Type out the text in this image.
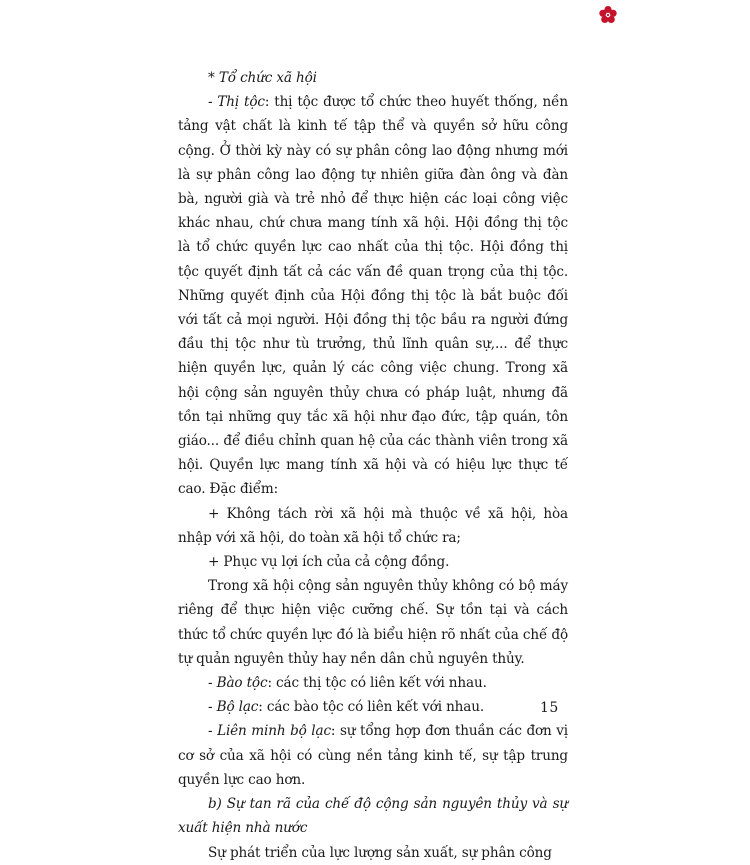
* Tổ chức xã hội

- Thị tộc: thị tộc được tổ chức theo huyết thống, nền tảng vật chất là kinh tế tập thể và quyền sở hữu công cộng. Ở thời kỳ này có sự phân công lao động nhưng mới là sự phân công lao động tự nhiên giữa đàn ông và đàn bà, người già và trẻ nhỏ để thực hiện các loại công việc khác nhau, chứ chưa mang tính xã hội. Hội đồng thị tộc là tổ chức quyền lực cao nhất của thị tộc. Hội đồng thị tộc quyết định tất cả các vấn đề quan trọng của thị tộc. Những quyết định của Hội đồng thị tộc là bắt buộc đối với tất cả mọi người. Hội đồng thị tộc bầu ra người đứng đầu thị tộc như tù trưởng, thủ lĩnh quân sự,... để thực hiện quyền lực, quản lý các công việc chung. Trong xã hội cộng sản nguyên thủy chưa có pháp luật, nhưng đã tồn tại những quy tắc xã hội như đạo đức, tập quán, tôn giáo... để điều chỉnh quan hệ của các thành viên trong xã hội. Quyền lực mang tính xã hội và có hiệu lực thực tế cao. Đặc điểm:

+ Không tách rời xã hội mà thuộc về xã hội, hòa nhập với xã hội, do toàn xã hội tổ chức ra;

+ Phục vụ lợi ích của cả cộng đồng.

Trong xã hội cộng sản nguyên thủy không có bộ máy riêng để thực hiện việc cưỡng chế. Sự tồn tại và cách thức tổ chức quyền lực đó là biểu hiện rõ nhất của chế độ tự quản nguyên thủy hay nền dân chủ nguyên thủy.

- Bào tộc: các thị tộc có liên kết với nhau.

- Bộ lạc: các bào tộc có liên kết với nhau.

- Liên minh bộ lạc: sự tổng hợp đơn thuần các đơn vị cơ sở của xã hội có cùng nền tảng kinh tế, sự tập trung quyền lực cao hơn.

b) Sự tan rã của chế độ cộng sản nguyên thủy và sự xuất hiện nhà nước

Sự phát triển của lực lượng sản xuất, sự phân công

15
